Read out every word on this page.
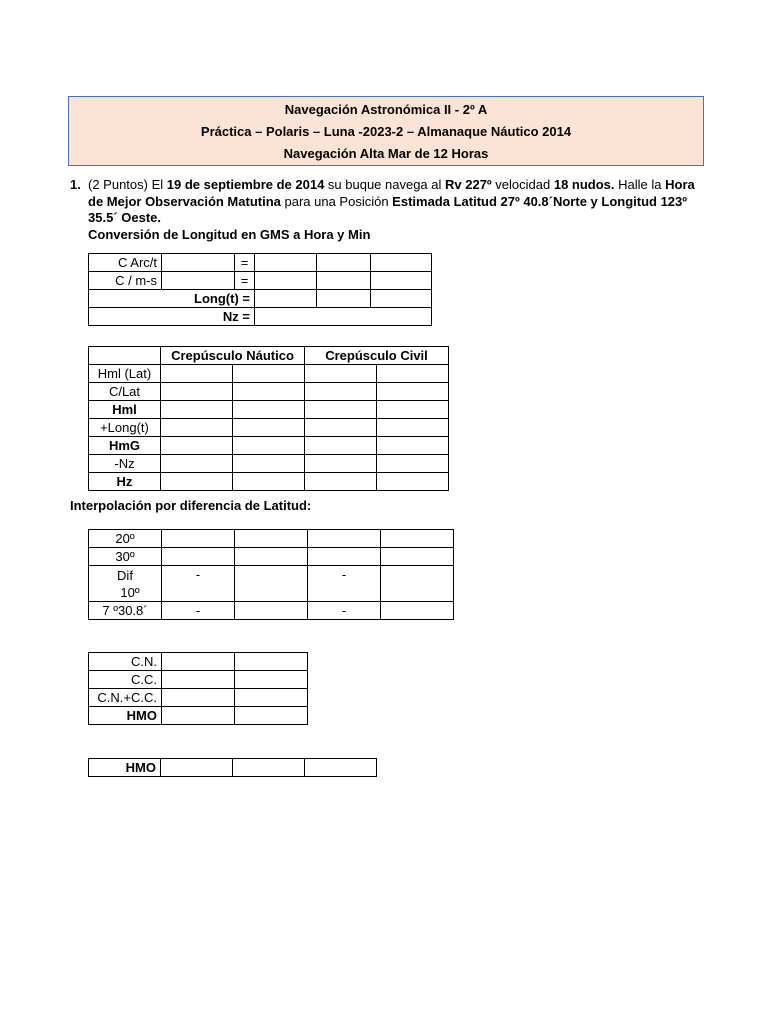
Navegación Astronómica II - 2º A
Práctica – Polaris – Luna -2023-2 – Almanaque Náutico 2014
Navegación Alta Mar de 12 Horas
1. (2 Puntos) El 19 de septiembre de 2014 su buque navega al Rv 227º velocidad 18 nudos. Halle la Hora de Mejor Observación Matutina para una Posición Estimada Latitud 27º 40.8´Norte y Longitud 123º 35.5´ Oeste.
Conversión de Longitud en GMS a Hora y Min
C Arc/t		=			
C / m-s		=			
Long(t) =					
Nz =					
	Crepúsculo Náutico		Crepúsculo Civil	
Hml (Lat)				
C/Lat				
Hml				
+Long(t)				
HmG				
-Nz				
Hz				
Interpolación por diferencia de Latitud:
20º				
30º				
Dif
10º	-		-	
7 º30.8´	-		-	
C.N.		
C.C.		
C.N.+C.C.		
HMO		
HMO			
